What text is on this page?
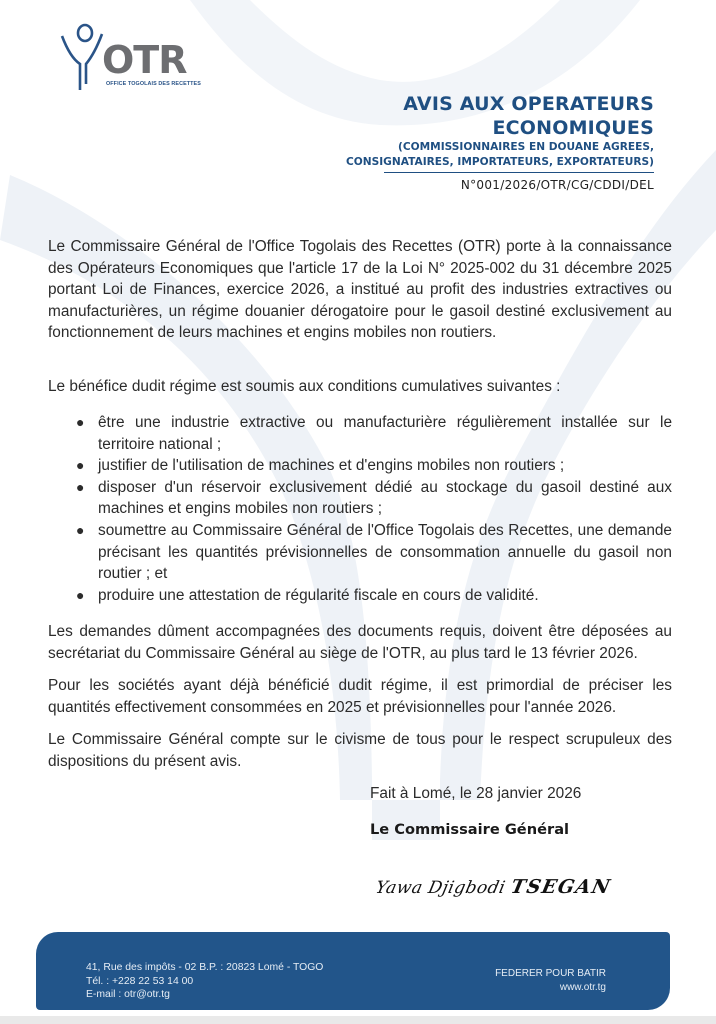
OTR
OFFICE TOGOLAIS DES RECETTES
AVIS AUX OPERATEURS
ECONOMIQUES
(COMMISSIONNAIRES EN DOUANE AGREES,
CONSIGNATAIRES, IMPORTATEURS, EXPORTATEURS)
N°001/2026/OTR/CG/CDDI/DEL
Le Commissaire Général de l'Office Togolais des Recettes (OTR) porte à la connaissance des Opérateurs Economiques que l'article 17 de la Loi N° 2025-002 du 31 décembre 2025 portant Loi de Finances, exercice 2026, a institué au profit des industries extractives ou manufacturières, un régime douanier dérogatoire pour le gasoil destiné exclusivement au fonctionnement de leurs machines et engins mobiles non routiers.
Le bénéfice dudit régime est soumis aux conditions cumulatives suivantes :
● être une industrie extractive ou manufacturière régulièrement installée sur le territoire national ;
● justifier de l'utilisation de machines et d'engins mobiles non routiers ;
● disposer d'un réservoir exclusivement dédié au stockage du gasoil destiné aux machines et engins mobiles non routiers ;
● soumettre au Commissaire Général de l'Office Togolais des Recettes, une demande précisant les quantités prévisionnelles de consommation annuelle du gasoil non routier ; et
● produire une attestation de régularité fiscale en cours de validité.
Les demandes dûment accompagnées des documents requis, doivent être déposées au secrétariat du Commissaire Général au siège de l'OTR, au plus tard le 13 février 2026.
Pour les sociétés ayant déjà bénéficié dudit régime, il est primordial de préciser les quantités effectivement consommées en 2025 et prévisionnelles pour l'année 2026.
Le Commissaire Général compte sur le civisme de tous pour le respect scrupuleux des dispositions du présent avis.
Fait à Lomé, le 28 janvier 2026
Le Commissaire Général
Yawa Djigbodi TSEGAN
41, Rue des impôts - 02 B.P. : 20823 Lomé - TOGO
Tél. : +228 22 53 14 00
E-mail : otr@otr.tg
FEDERER POUR BATIR
www.otr.tg
